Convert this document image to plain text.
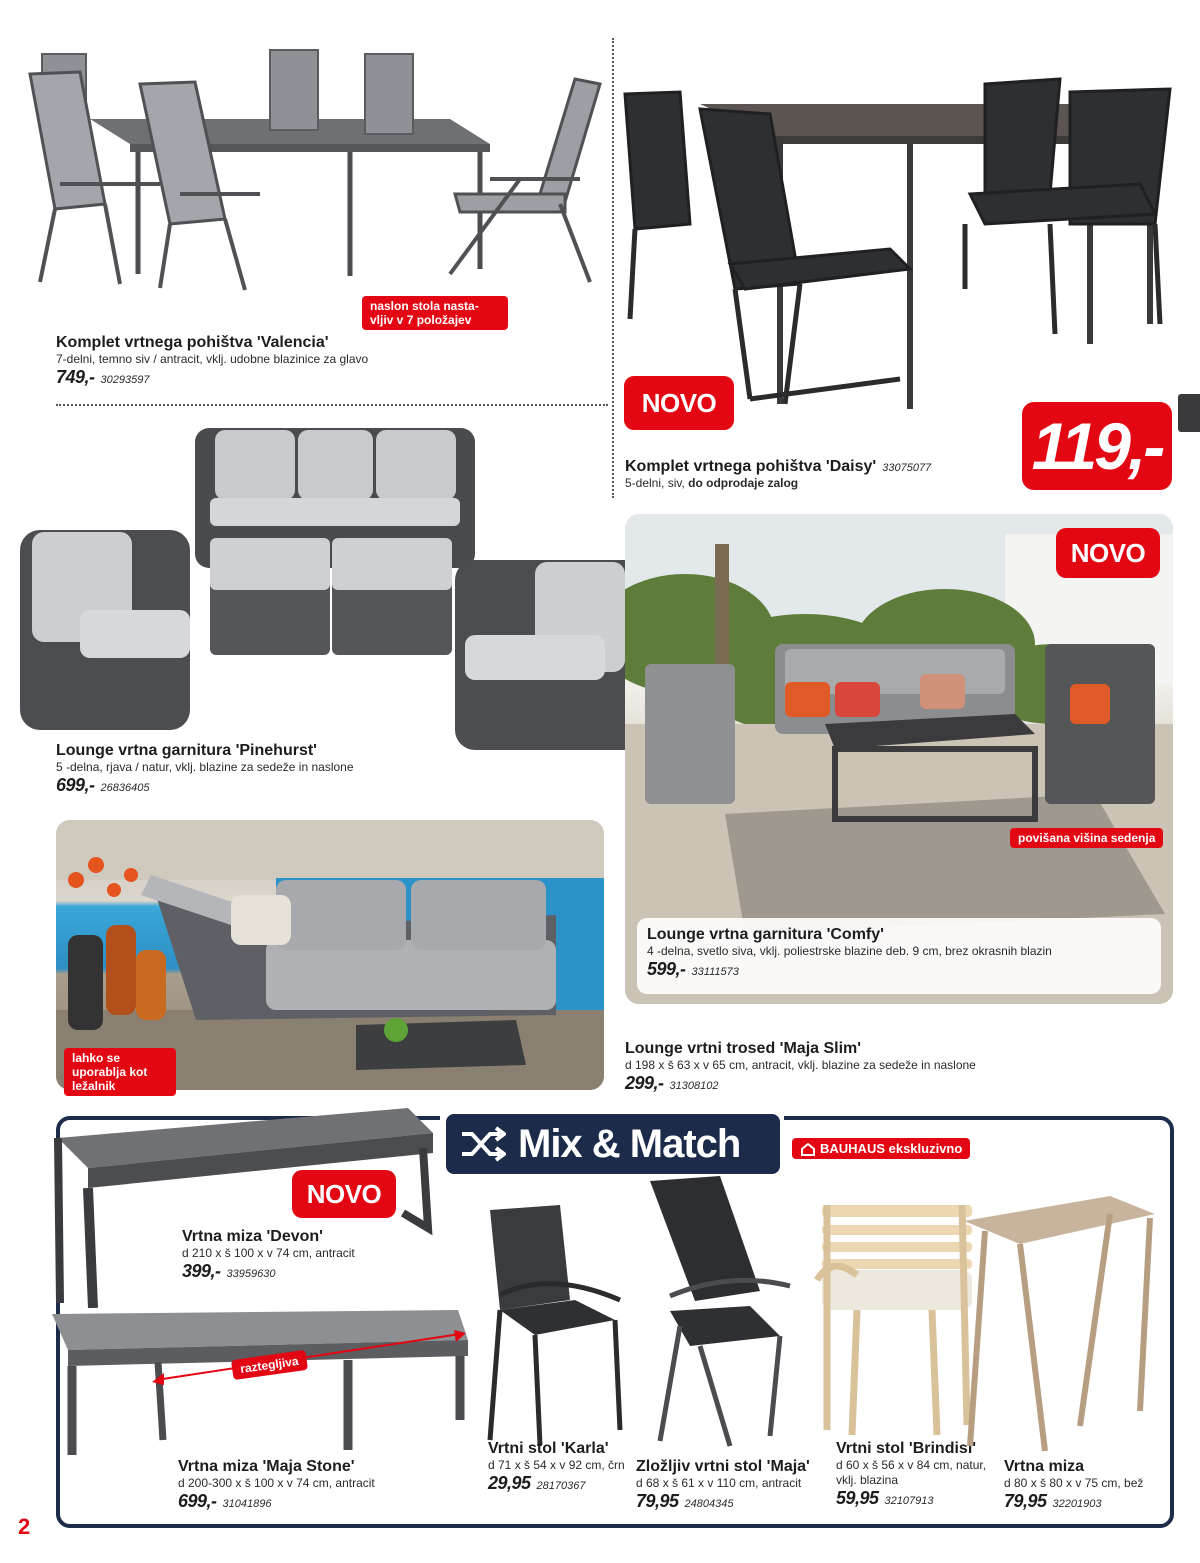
naslon stola nasta-vljiv v 7 položajev
Komplet vrtnega pohištva 'Valencia'
7-delni, temno siv / antracit, vklj. udobne blazinice za glavo
749,- 30293597
NOVO
119,-
Komplet vrtnega pohištva 'Daisy' 33075077
5-delni, siv, do odprodaje zalog
Lounge vrtna garnitura 'Pinehurst'
5 -delna, rjava / natur, vklj. blazine za sedeže in naslone
699,- 26836405
NOVO
povišana višina sedenja
Lounge vrtna garnitura 'Comfy'
4 -delna, svetlo siva, vklj. poliestrske blazine deb. 9 cm, brez okrasnih blazin
599,- 33111573
lahko se uporablja kot ležalnik
Lounge vrtni trosed 'Maja Slim'
d 198 x š 63 x v 65 cm, antracit, vklj. blazine za sedeže in naslone
299,- 31308102
Mix & Match	BAUHAUS ekskluzivno
NOVO
Vrtna miza 'Devon'
d 210 x š 100 x v 74 cm, antracit
399,- 33959630
raztegljiva
Vrtna miza 'Maja Stone'
d 200-300 x š 100 x v 74 cm, antracit
699,- 31041896
Vrtni stol 'Karla'
d 71 x š 54 x v 92 cm, črn
29,95 28170367
Zložljiv vrtni stol 'Maja'
d 68 x š 61 x v 110 cm, antracit
79,95 24804345
Vrtni stol 'Brindisi'
d 60 x š 56 x v 84 cm, natur, vklj. blazina
59,95 32107913
Vrtna miza
d 80 x š 80 x v 75 cm, bež
79,95 32201903
2
